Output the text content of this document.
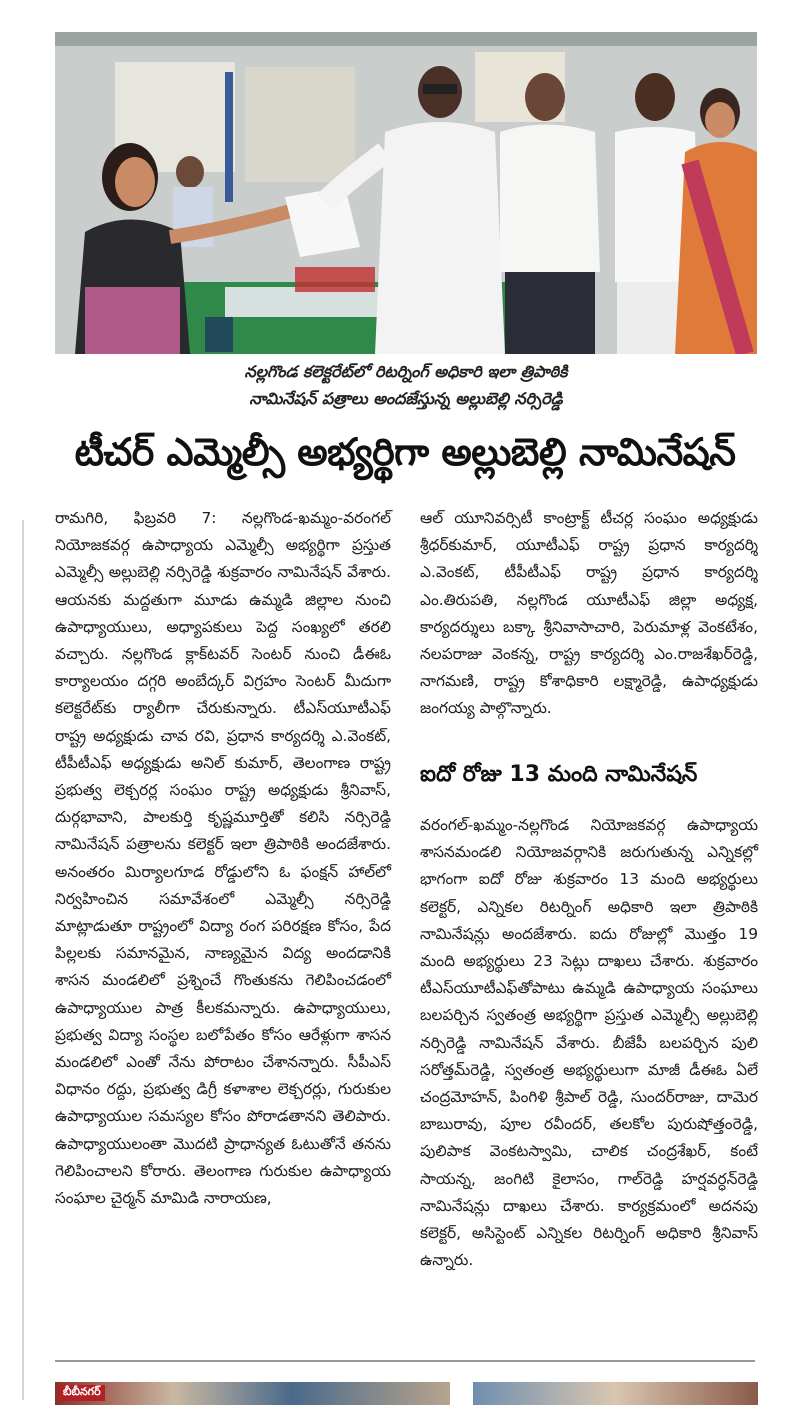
నల్లగొండ కలెక్టరేట్‌లో రిటర్నింగ్ అధికారి ఇలా త్రిపాఠికి
నామినేషన్ పత్రాలు అందజేస్తున్న అల్లుబెల్లి నర్సిరెడ్డి
టీచర్ ఎమ్మెల్సీ అభ్యర్థిగా అల్లుబెల్లి నామినేషన్

రామగిరి, ఫిబ్రవరి 7: నల్లగొండ-ఖమ్మం-వరంగల్ నియోజకవర్గ ఉపాధ్యాయ ఎమ్మెల్సీ అభ్యర్థిగా ప్రస్తుత ఎమ్మెల్సీ అల్లుబెల్లి నర్సిరెడ్డి శుక్రవారం నామినేషన్ వేశారు. ఆయనకు మద్దతుగా మూడు ఉమ్మడి జిల్లాల నుంచి ఉపాధ్యాయులు, అధ్యాపకులు పెద్ద సంఖ్యలో తరలి వచ్చారు. నల్లగొండ క్లాక్‌టవర్ సెంటర్ నుంచి డీఈఓ కార్యాలయం దగ్గరి అంబేద్కర్ విగ్రహం సెంటర్ మీదుగా కలెక్టరేట్‌కు ర్యాలీగా చేరుకున్నారు. టీఎస్‌యూటీఎఫ్ రాష్ట్ర అధ్యక్షుడు చావ రవి, ప్రధాన కార్యదర్శి ఎ.వెంకట్, టీపీటీఎఫ్ అధ్యక్షుడు అనిల్ కుమార్, తెలంగాణ రాష్ట్ర ప్రభుత్వ లెక్చరర్ల సంఘం రాష్ట్ర అధ్యక్షుడు శ్రీనివాస్, దుర్గభావాని, పాలకుర్తి కృష్ణమూర్తితో కలిసి నర్సిరెడ్డి నామినేషన్ పత్రాలను కలెక్టర్ ఇలా త్రిపాఠికి అందజేశారు. అనంతరం మిర్యాలగూడ రోడ్డులోని ఓ ఫంక్షన్ హాల్‌లో నిర్వహించిన సమావేశంలో ఎమ్మెల్సీ నర్సిరెడ్డి మాట్లాడుతూ రాష్ట్రంలో విద్యా రంగ పరిరక్షణ కోసం, పేద పిల్లలకు సమానమైన, నాణ్యమైన విద్య అందడానికి శాసన మండలిలో ప్రశ్నించే గొంతుకను గెలిపించడంలో ఉపాధ్యాయుల పాత్ర కీలకమన్నారు. ఉపాధ్యాయులు, ప్రభుత్వ విద్యా సంస్థల బలోపేతం కోసం ఆరేళ్లుగా శాసన మండలిలో ఎంతో నేను పోరాటం చేశానన్నారు. సీపీఎస్ విధానం రద్దు, ప్రభుత్వ డిగ్రీ కళాశాల లెక్చరర్లు, గురుకుల ఉపాధ్యాయుల సమస్యల కోసం పోరాడతానని తెలిపారు. ఉపాధ్యాయులంతా మొదటి ప్రాధాన్యత ఓటుతోనే తనను గెలిపించాలని కోరారు. తెలంగాణ గురుకుల ఉపాధ్యాయ సంఘాల చైర్మన్ మామిడి నారాయణ,

ఆల్ యూనివర్సిటీ కాంట్రాక్ట్ టీచర్ల సంఘం అధ్యక్షుడు శ్రీధర్‌కుమార్, యూటీఎఫ్ రాష్ట్ర ప్రధాన కార్యదర్శి ఎ.వెంకట్, టీపీటీఎఫ్ రాష్ట్ర ప్రధాన కార్యదర్శి ఎం.తిరుపతి, నల్లగొండ యూటీఎఫ్ జిల్లా అధ్యక్ష, కార్యదర్శులు బక్కా శ్రీనివాసాచారి, పెరుమాళ్ల వెంకటేశం, నలపరాజు వెంకన్న, రాష్ట్ర కార్యదర్శి ఎం.రాజశేఖర్‌రెడ్డి, నాగమణి, రాష్ట్ర కోశాధికారి లక్ష్మారెడ్డి, ఉపాధ్యక్షుడు జంగయ్య పాల్గొన్నారు.

ఐదో రోజు 13 మంది నామినేషన్

వరంగల్-ఖమ్మం-నల్లగొండ నియోజకవర్గ ఉపాధ్యాయ శాసనమండలి నియోజవర్గానికి జరుగుతున్న ఎన్నికల్లో భాగంగా ఐదో రోజు శుక్రవారం 13 మంది అభ్యర్థులు కలెక్టర్, ఎన్నికల రిటర్నింగ్ అధికారి ఇలా త్రిపాఠికి నామినేషన్లు అందజేశారు. ఐదు రోజుల్లో మొత్తం 19 మంది అభ్యర్థులు 23 సెట్లు దాఖలు చేశారు. శుక్రవారం టీఎస్‌యూటీఎఫ్‌తోపాటు ఉమ్మడి ఉపాధ్యాయ సంఘాలు బలపర్చిన స్వతంత్ర అభ్యర్థిగా ప్రస్తుత ఎమ్మెల్సీ అల్లుబెల్లి నర్సిరెడ్డి నామినేషన్ వేశారు. బీజేపీ బలపర్చిన పులి సరోత్తమ్‌రెడ్డి, స్వతంత్ర అభ్యర్థులుగా మాజీ డీఈఓ ఏలే చంద్రమోహన్, పింగిళి శ్రీపాల్ రెడ్డి, సుందర్‌రాజు, దామెర బాబురావు, పూల రవీందర్, తలకోల పురుషోత్తంరెడ్డి, పులిపాక వెంకటస్వామి, చాలిక చంద్రశేఖర్, కంటే సాయన్న, జంగిటి కైలాసం, గాల్‌రెడ్డి హర్షవర్ధన్‌రెడ్డి నామినేషన్లు దాఖలు చేశారు. కార్యక్రమంలో అదనపు కలెక్టర్, అసిస్టెంట్ ఎన్నికల రిటర్నింగ్ అధికారి శ్రీనివాస్ ఉన్నారు.

బీబీనగర్
